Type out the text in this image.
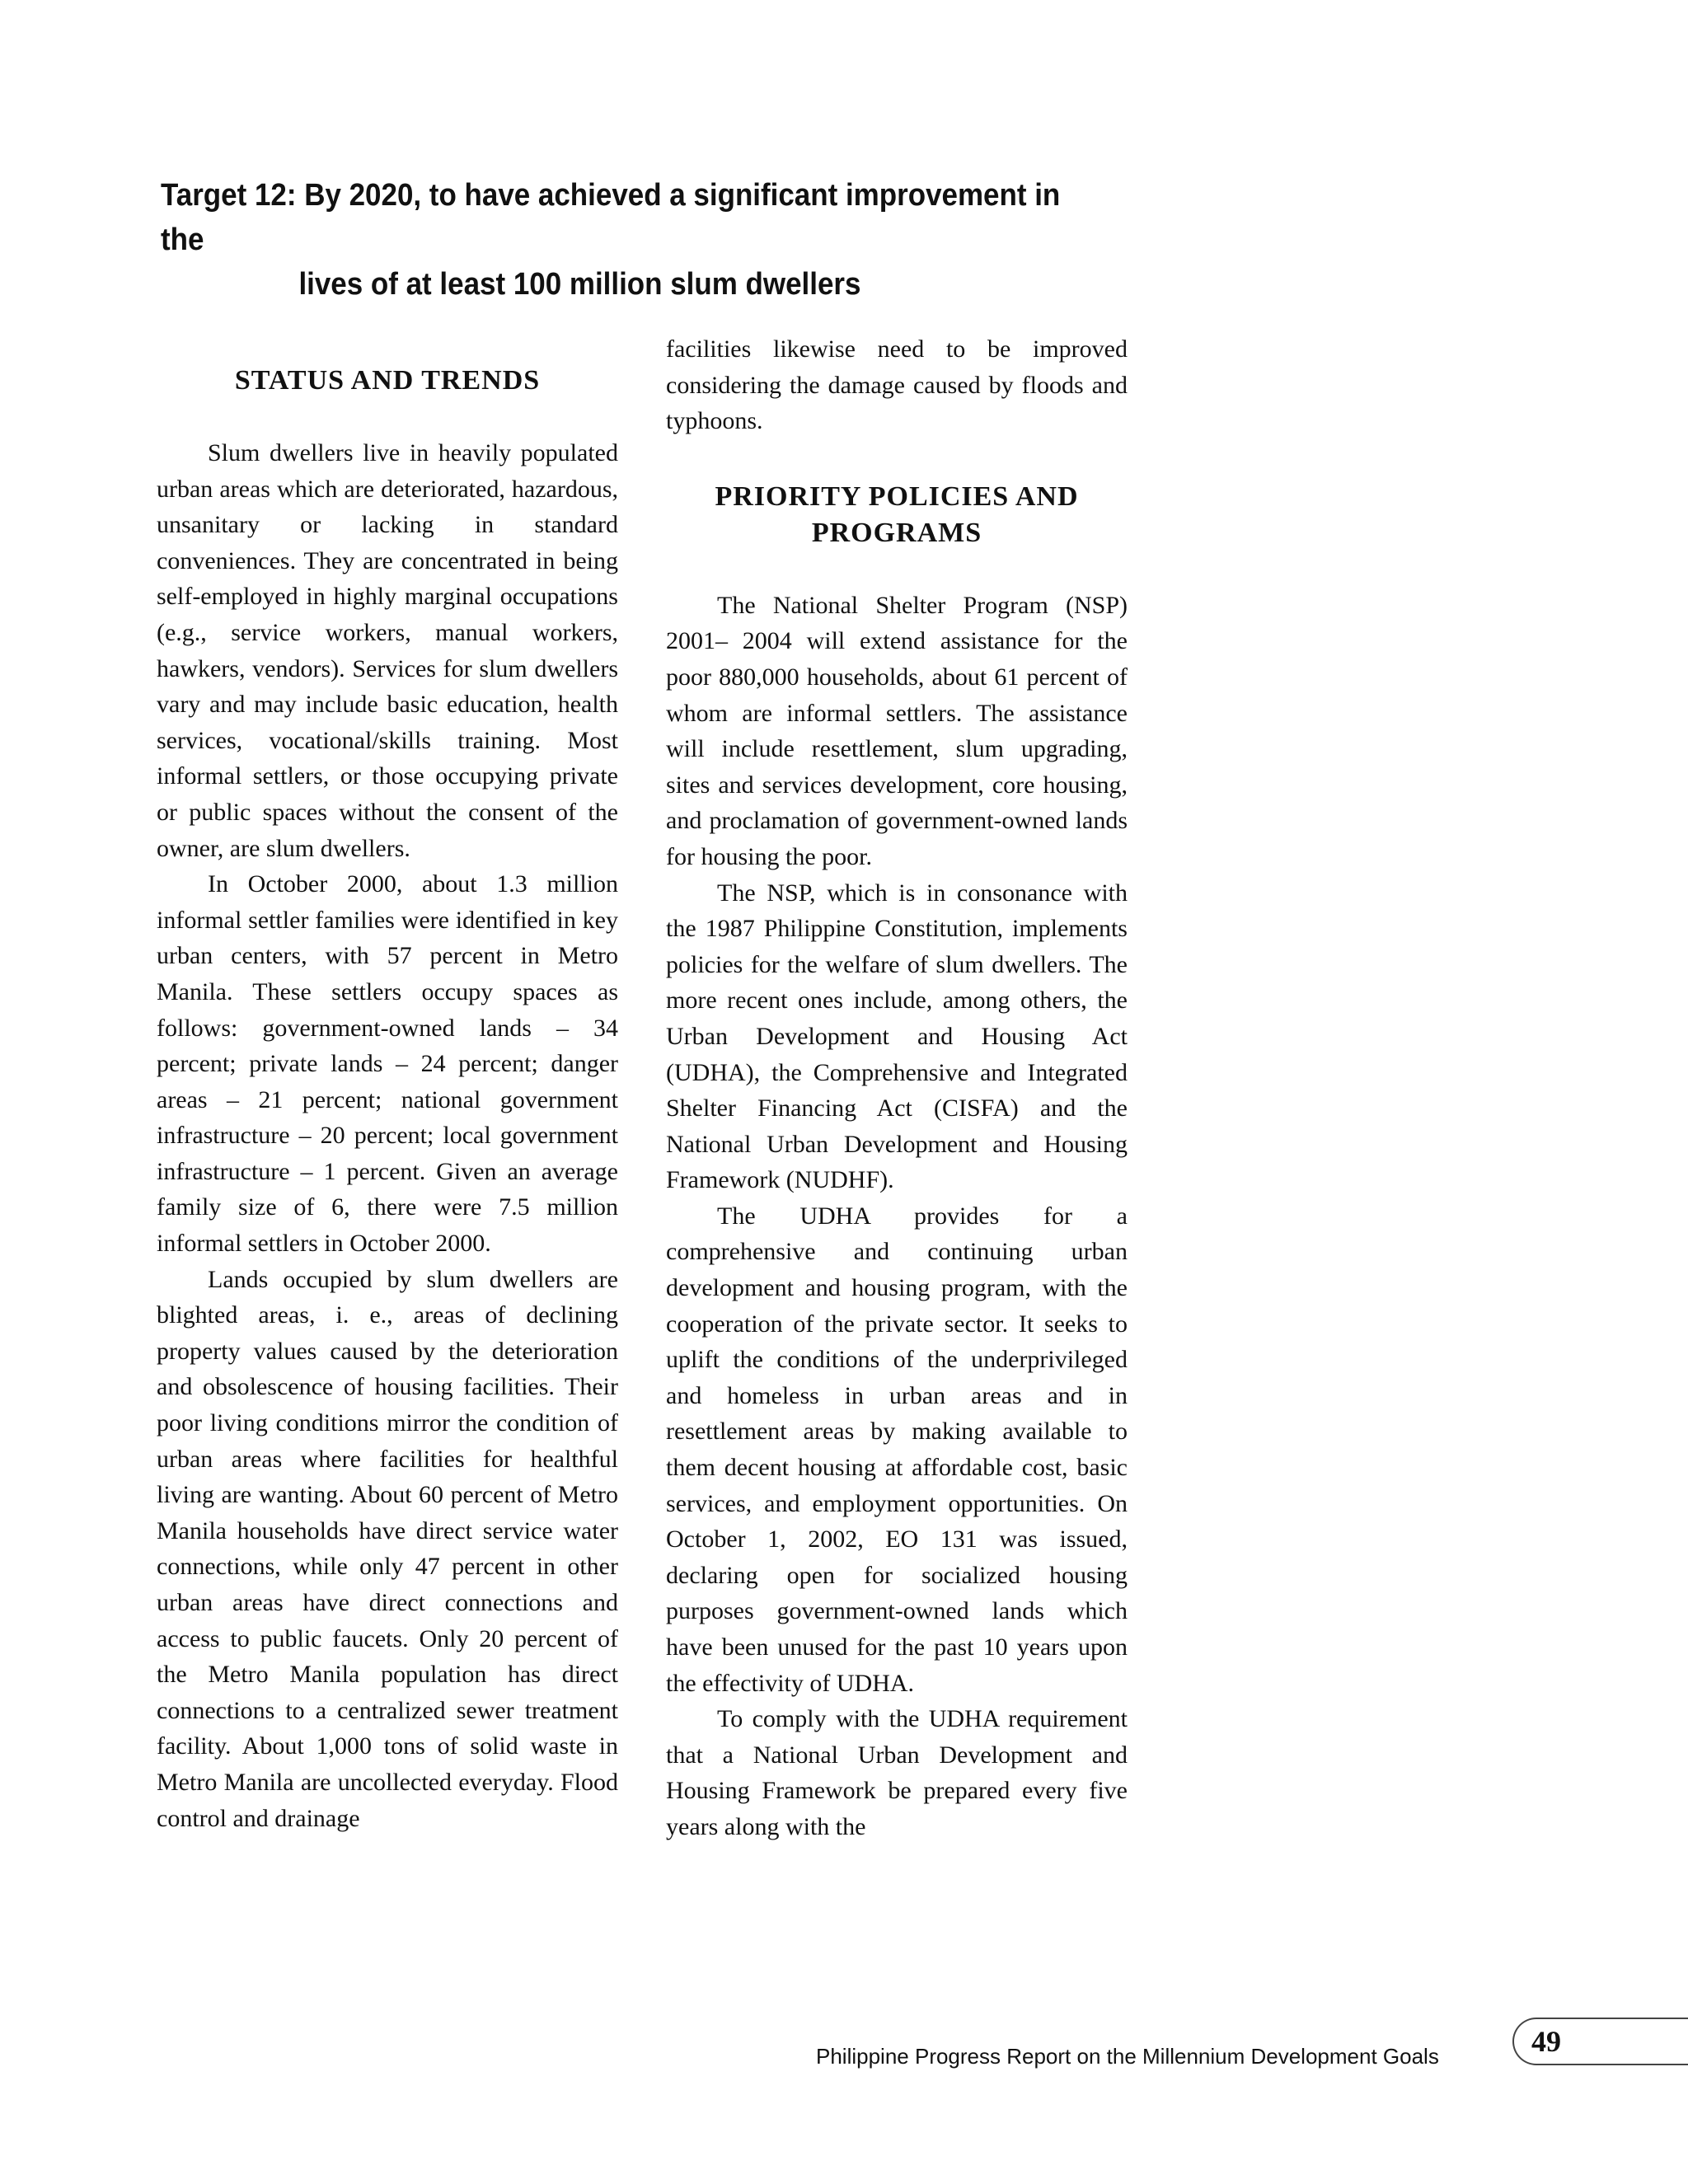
Target 12: By 2020, to have achieved a significant improvement in the
lives of at least 100 million slum dwellers
STATUS AND TRENDS

Slum dwellers live in heavily populated urban areas which are deteriorated, hazardous, unsanitary or lacking in standard conveniences. They are concentrated in being self-employed in highly marginal occupations (e.g., service workers, manual workers, hawkers, vendors). Services for slum dwellers vary and may include basic education, health services, vocational/skills training. Most informal settlers, or those occupying private or public spaces without the consent of the owner, are slum dwellers.

In October 2000, about 1.3 million informal settler families were identified in key urban centers, with 57 percent in Metro Manila. These settlers occupy spaces as follows: government-owned lands – 34 percent; private lands – 24 percent; danger areas – 21 percent; national government infrastructure – 20 percent; local government infrastructure – 1 percent. Given an average family size of 6, there were 7.5 million informal settlers in October 2000.

Lands occupied by slum dwellers are blighted areas, i. e., areas of declining property values caused by the deterioration and obsolescence of housing facilities. Their poor living conditions mirror the condition of urban areas where facilities for healthful living are wanting. About 60 percent of Metro Manila households have direct service water connections, while only 47 percent in other urban areas have direct connections and access to public faucets. Only 20 percent of the Metro Manila population has direct connections to a centralized sewer treatment facility. About 1,000 tons of solid waste in Metro Manila are uncollected everyday. Flood control and drainage

facilities likewise need to be improved considering the damage caused by floods and typhoons.

PRIORITY POLICIES AND PROGRAMS

The National Shelter Program (NSP) 2001– 2004 will extend assistance for the poor 880,000 households, about 61 percent of whom are informal settlers. The assistance will include resettlement, slum upgrading, sites and services development, core housing, and proclamation of government-owned lands for housing the poor.

The NSP, which is in consonance with the 1987 Philippine Constitution, implements policies for the welfare of slum dwellers. The more recent ones include, among others, the Urban Development and Housing Act (UDHA), the Comprehensive and Integrated Shelter Financing Act (CISFA) and the National Urban Development and Housing Framework (NUDHF).

The UDHA provides for a comprehensive and continuing urban development and housing program, with the cooperation of the private sector. It seeks to uplift the conditions of the underprivileged and homeless in urban areas and in resettlement areas by making available to them decent housing at affordable cost, basic services, and employment opportunities. On October 1, 2002, EO 131 was issued, declaring open for socialized housing purposes government-owned lands which have been unused for the past 10 years upon the effectivity of UDHA.

To comply with the UDHA requirement that a National Urban Development and Housing Framework be prepared every five years along with the

Philippine Progress Report on the Millennium Development Goals	49
